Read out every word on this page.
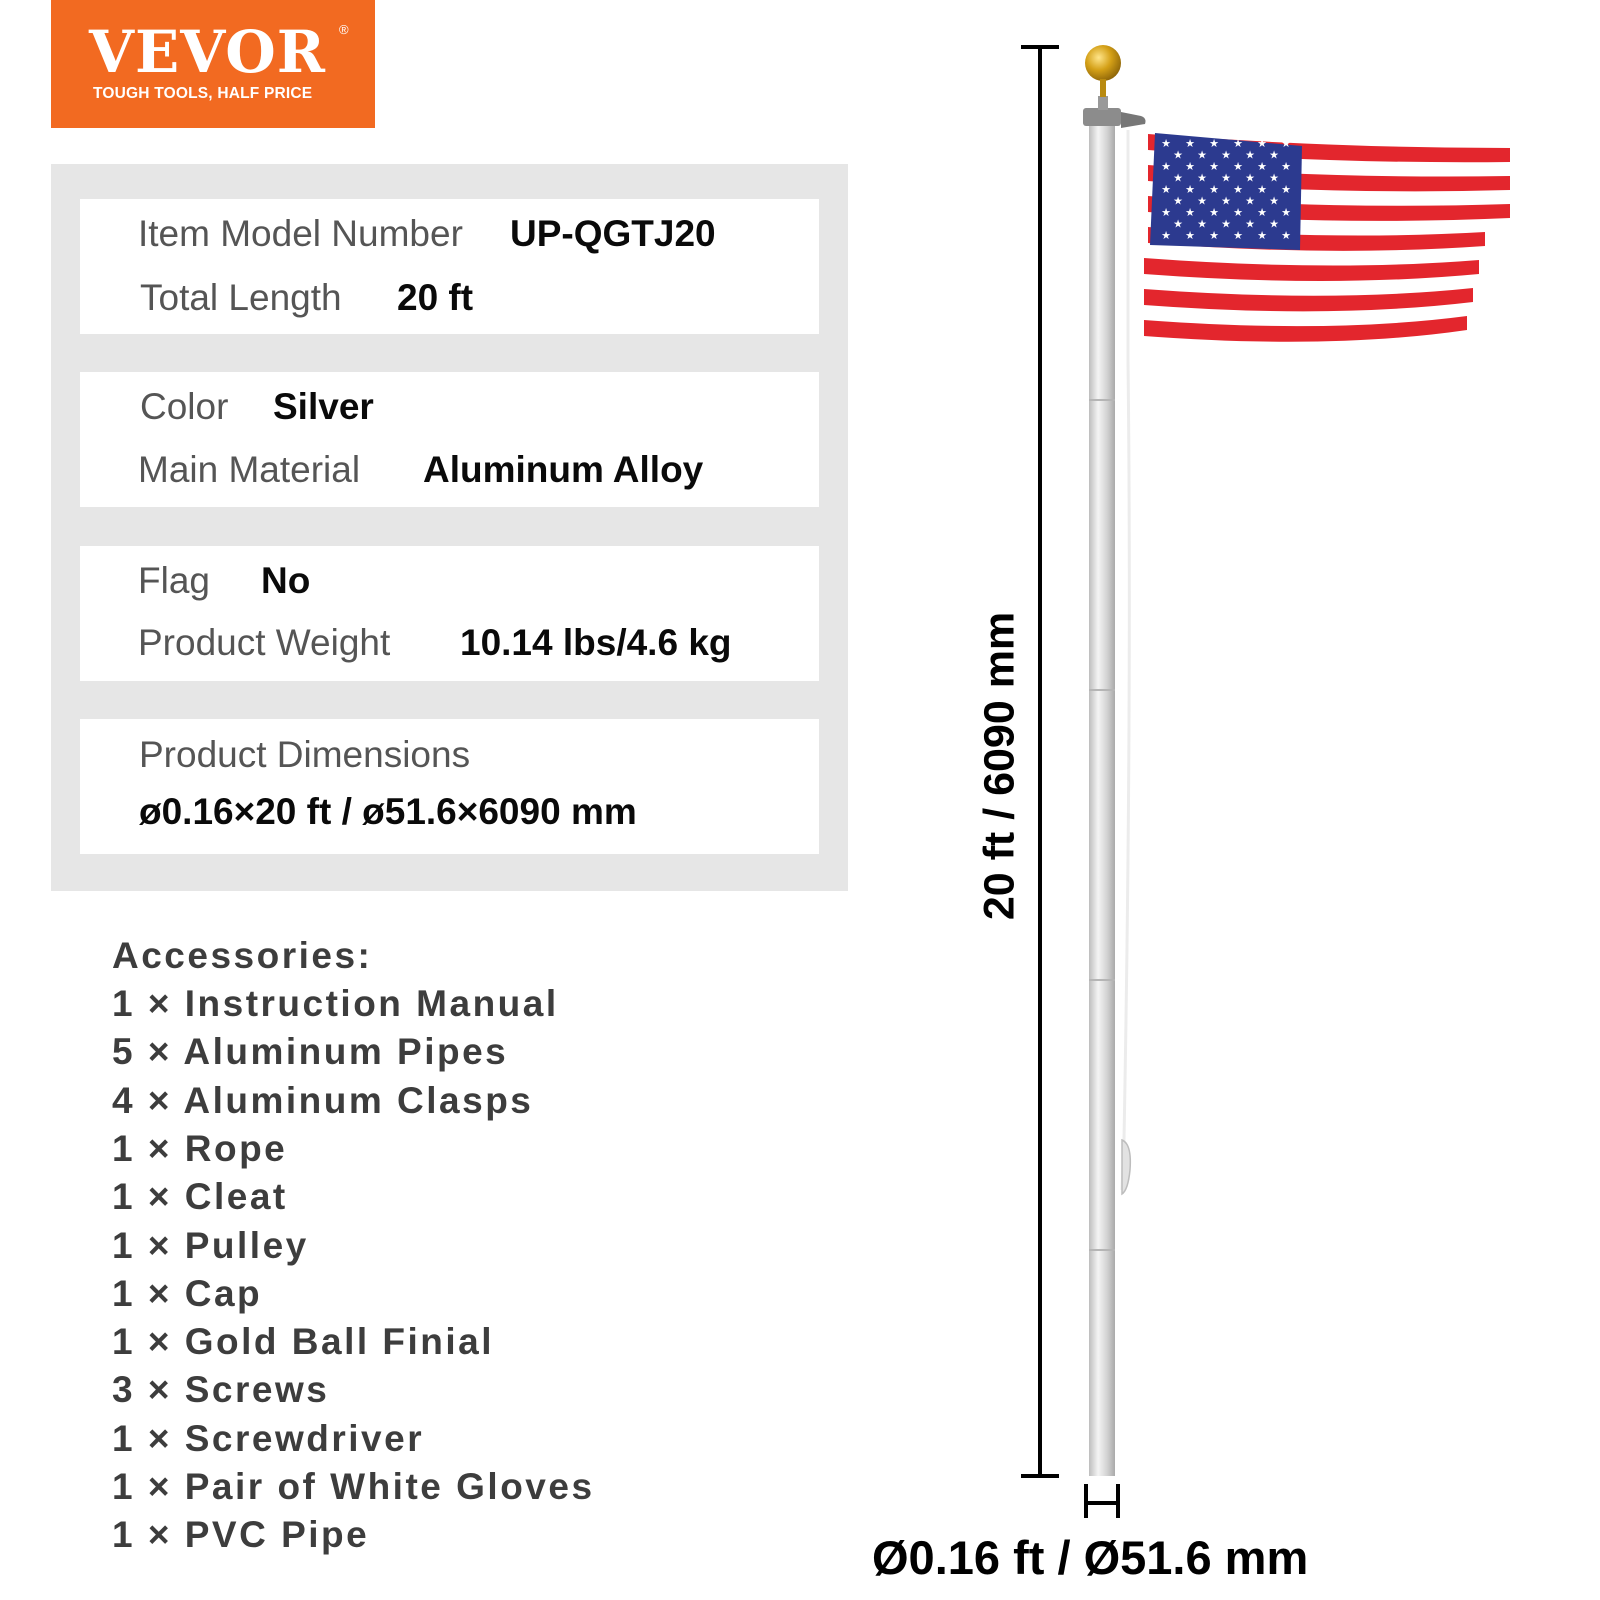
VEVOR ®
TOUGH TOOLS, HALF PRICE
Item Model Number UP-QGTJ20
Total Length 20 ft
Color Silver
Main Material Aluminum Alloy
Flag No
Product Weight 10.14 lbs/4.6 kg
Product Dimensions
ø0.16×20 ft / ø51.6×6090 mm
Accessories:
1 × Instruction Manual
5 × Aluminum Pipes
4 × Aluminum Clasps
1 × Rope
1 × Cleat
1 × Pulley
1 × Cap
1 × Gold Ball Finial
3 × Screws
1 × Screwdriver
1 × Pair of White Gloves
1 × PVC Pipe
★ ★ ★ ★ ★ ★
★ ★ ★ ★ ★
★ ★ ★ ★ ★ ★
★ ★ ★ ★ ★
★ ★ ★ ★ ★ ★
★ ★ ★ ★ ★
★ ★ ★ ★ ★ ★
★ ★ ★ ★ ★
★ ★ ★ ★ ★ ★
20 ft / 6090 mm
Ø0.16 ft / Ø51.6 mm
